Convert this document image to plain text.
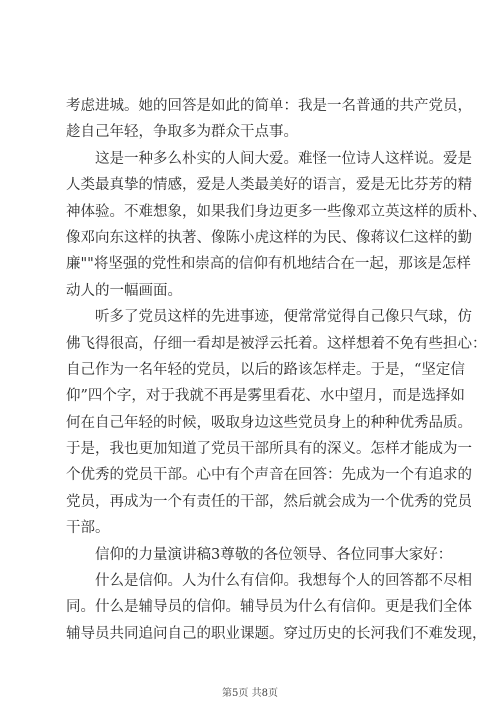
考虑进城。她的回答是如此的简单：我是一名普通的共产党员，
趁自己年轻，争取多为群众干点事。
这是一种多么朴实的人间大爱。难怪一位诗人这样说。爱是
人类最真挚的情感，爱是人类最美好的语言，爱是无比芬芳的精
神体验。不难想象，如果我们身边更多一些像邓立英这样的质朴、
像邓向东这样的执著、像陈小虎这样的为民、像蒋议仁这样的勤
廉""将坚强的党性和崇高的信仰有机地结合在一起，那该是怎样
动人的一幅画面。
听多了党员这样的先进事迹，便常常觉得自己像只气球，仿
佛飞得很高，仔细一看却是被浮云托着。这样想着不免有些担心：
自己作为一名年轻的党员，以后的路该怎样走。于是，“坚定信
仰”四个字，对于我就不再是雾里看花、水中望月，而是选择如
何在自己年轻的时候，吸取身边这些党员身上的种种优秀品质。
于是，我也更加知道了党员干部所具有的深义。怎样才能成为一
个优秀的党员干部。心中有个声音在回答：先成为一个有追求的
党员，再成为一个有责任的干部，然后就会成为一个优秀的党员
干部。
信仰的力量演讲稿3尊敬的各位领导、各位同事大家好：
什么是信仰。人为什么有信仰。我想每个人的回答都不尽相
同。什么是辅导员的信仰。辅导员为什么有信仰。更是我们全体
辅导员共同追问自己的职业课题。穿过历史的长河我们不难发现，
第5页 共8页
